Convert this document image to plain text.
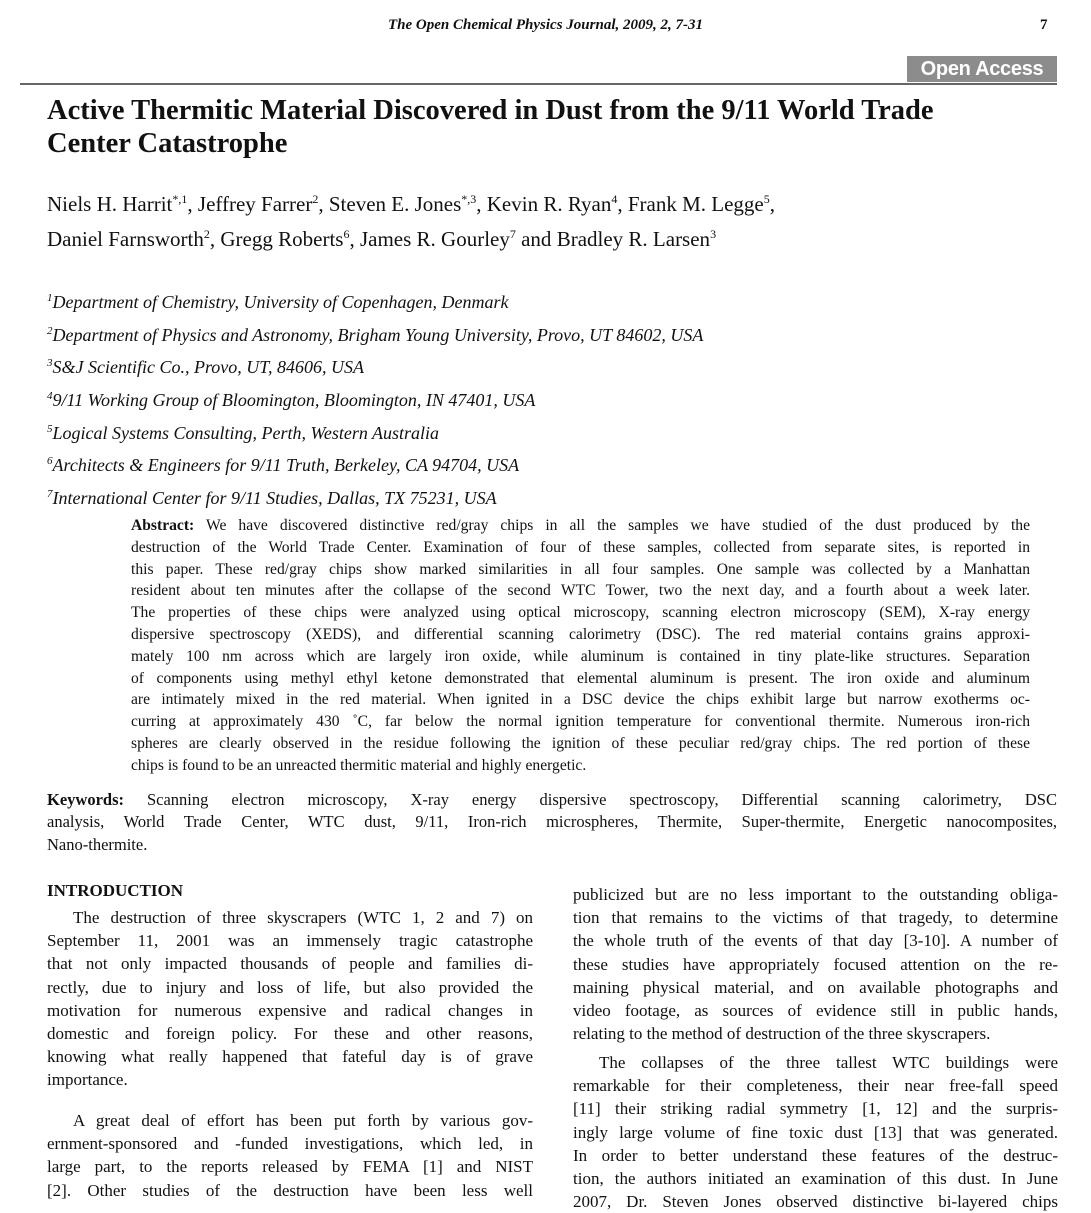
The Open Chemical Physics Journal, 2009, 2, 7-31	7
Open Access
Active Thermitic Material Discovered in Dust from the 9/11 World Trade
Center Catastrophe
Niels H. Harrit$^{*,1}$, Jeffrey Farrer$^2$, Steven E. Jones$^{*,3}$, Kevin R. Ryan$^4$, Frank M. Legge$^5$,
Daniel Farnsworth$^2$, Gregg Roberts$^6$, James R. Gourley$^7$ and Bradley R. Larsen$^3$
$^1$Department of Chemistry, University of Copenhagen, Denmark
$^2$Department of Physics and Astronomy, Brigham Young University, Provo, UT 84602, USA
$^3$S&J Scientific Co., Provo, UT, 84606, USA
$^4$9/11 Working Group of Bloomington, Bloomington, IN 47401, USA
$^5$Logical Systems Consulting, Perth, Western Australia
$^6$Architects & Engineers for 9/11 Truth, Berkeley, CA 94704, USA
$^7$International Center for 9/11 Studies, Dallas, TX 75231, USA
Abstract: We have discovered distinctive red/gray chips in all the samples we have studied of the dust produced by the
destruction of the World Trade Center. Examination of four of these samples, collected from separate sites, is reported in
this paper. These red/gray chips show marked similarities in all four samples. One sample was collected by a Manhattan
resident about ten minutes after the collapse of the second WTC Tower, two the next day, and a fourth about a week later.
The properties of these chips were analyzed using optical microscopy, scanning electron microscopy (SEM), X-ray energy
dispersive spectroscopy (XEDS), and differential scanning calorimetry (DSC). The red material contains grains approxi-
mately 100 nm across which are largely iron oxide, while aluminum is contained in tiny plate-like structures. Separation
of components using methyl ethyl ketone demonstrated that elemental aluminum is present. The iron oxide and aluminum
are intimately mixed in the red material. When ignited in a DSC device the chips exhibit large but narrow exotherms oc-
curring at approximately 430 ˚C, far below the normal ignition temperature for conventional thermite. Numerous iron-rich
spheres are clearly observed in the residue following the ignition of these peculiar red/gray chips. The red portion of these
chips is found to be an unreacted thermitic material and highly energetic.
Keywords: Scanning electron microscopy, X-ray energy dispersive spectroscopy, Differential scanning calorimetry, DSC
analysis, World Trade Center, WTC dust, 9/11, Iron-rich microspheres, Thermite, Super-thermite, Energetic nanocomposites,
Nano-thermite.
INTRODUCTION
The destruction of three skyscrapers (WTC 1, 2 and 7) on
September 11, 2001 was an immensely tragic catastrophe
that not only impacted thousands of people and families di-
rectly, due to injury and loss of life, but also provided the
motivation for numerous expensive and radical changes in
domestic and foreign policy. For these and other reasons,
knowing what really happened that fateful day is of grave
importance.
A great deal of effort has been put forth by various gov-
ernment-sponsored and -funded investigations, which led, in
large part, to the reports released by FEMA [1] and NIST
[2]. Other studies of the destruction have been less well
publicized but are no less important to the outstanding obliga-
tion that remains to the victims of that tragedy, to determine
the whole truth of the events of that day [3-10]. A number of
these studies have appropriately focused attention on the re-
maining physical material, and on available photographs and
video footage, as sources of evidence still in public hands,
relating to the method of destruction of the three skyscrapers.
The collapses of the three tallest WTC buildings were
remarkable for their completeness, their near free-fall speed
[11] their striking radial symmetry [1, 12] and the surpris-
ingly large volume of fine toxic dust [13] that was generated.
In order to better understand these features of the destruc-
tion, the authors initiated an examination of this dust. In June
2007, Dr. Steven Jones observed distinctive bi-layered chips
